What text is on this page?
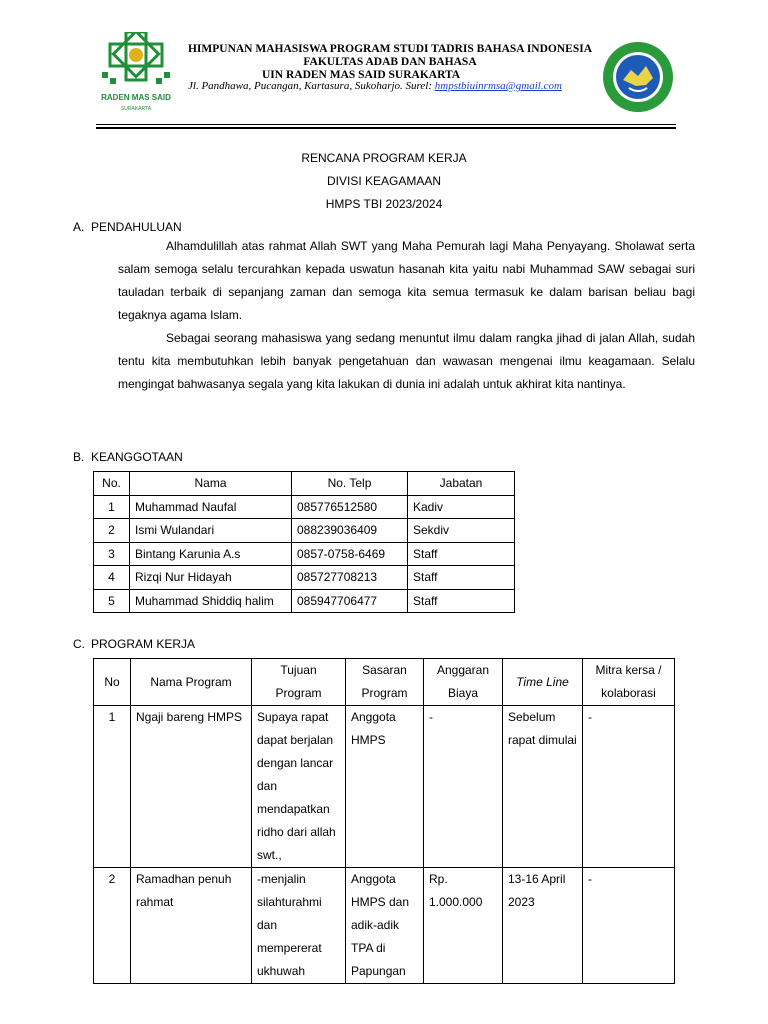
RADEN MAS SAID
SURAKARTA
HIMPUNAN MAHASISWA PROGRAM STUDI TADRIS BAHASA INDONESIA
FAKULTAS ADAB DAN BAHASA
UIN RADEN MAS SAID SURAKARTA
Jl. Pandhawa, Pucangan, Kartasura, Sukoharjo. Surel: hmpstbiuinrmsa@gmail.com
RENCANA PROGRAM KERJA
DIVISI KEAGAMAAN
HMPS TBI 2023/2024
A. PENDAHULUAN

Alhamdulillah atas rahmat Allah SWT yang Maha Pemurah lagi Maha Penyayang. Sholawat serta salam semoga selalu tercurahkan kepada uswatun hasanah kita yaitu nabi Muhammad SAW sebagai suri tauladan terbaik di sepanjang zaman dan semoga kita semua termasuk ke dalam barisan beliau bagi tegaknya agama Islam.

Sebagai seorang mahasiswa yang sedang menuntut ilmu dalam rangka jihad di jalan Allah, sudah tentu kita membutuhkan lebih banyak pengetahuan dan wawasan mengenai ilmu keagamaan. Selalu mengingat bahwasanya segala yang kita lakukan di dunia ini adalah untuk akhirat kita nantinya.

B. KEANGGOTAAN
No.	Nama	No. Telp	Jabatan
1	Muhammad Naufal	085776512580	Kadiv
2	Ismi Wulandari	088239036409	Sekdiv
3	Bintang Karunia A.s	0857-0758-6469	Staff
4	Rizqi Nur Hidayah	085727708213	Staff
5	Muhammad Shiddiq halim	085947706477	Staff
C. PROGRAM KERJA
No	Nama Program	Tujuan Program	Sasaran Program	Anggaran Biaya	Time Line	Mitra kersa / kolaborasi
1	Ngaji bareng HMPS	Supaya rapat dapat berjalan dengan lancar dan mendapatkan ridho dari allah swt.,	Anggota HMPS	-	Sebelum rapat dimulai	-
2	Ramadhan penuh rahmat	-menjalin silahturahmi dan mempererat ukhuwah	Anggota HMPS dan adik-adik TPA di Papungan	Rp. 1.000.000	13-16 April 2023	-
